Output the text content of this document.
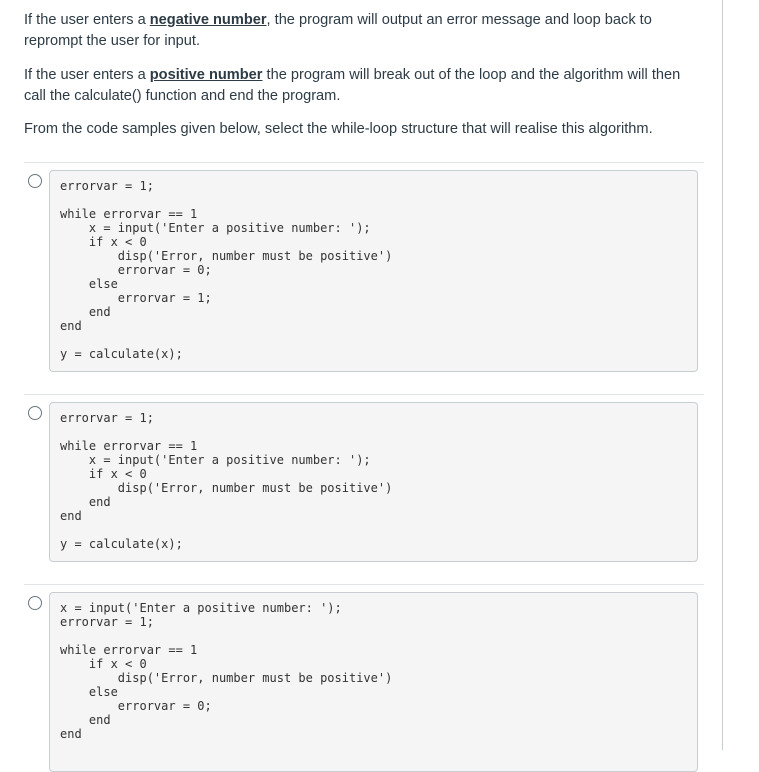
If the user enters a negative number, the program will output an error message and loop back to reprompt the user for input.

If the user enters a positive number the program will break out of the loop and the algorithm will then call the calculate() function and end the program.

From the code samples given below, select the while-loop structure that will realise this algorithm.

errorvar = 1;
while errorvar == 1
x = input('Enter a positive number: ');
if x < 0
disp('Error, number must be positive')
errorvar = 0;
else
errorvar = 1;
end
end
y = calculate(x);
errorvar = 1;
while errorvar == 1
x = input('Enter a positive number: ');
if x < 0
disp('Error, number must be positive')
end
end
y = calculate(x);
x = input('Enter a positive number: ');
errorvar = 1;
while errorvar == 1
if x < 0
disp('Error, number must be positive')
else
errorvar = 0;
end
end
